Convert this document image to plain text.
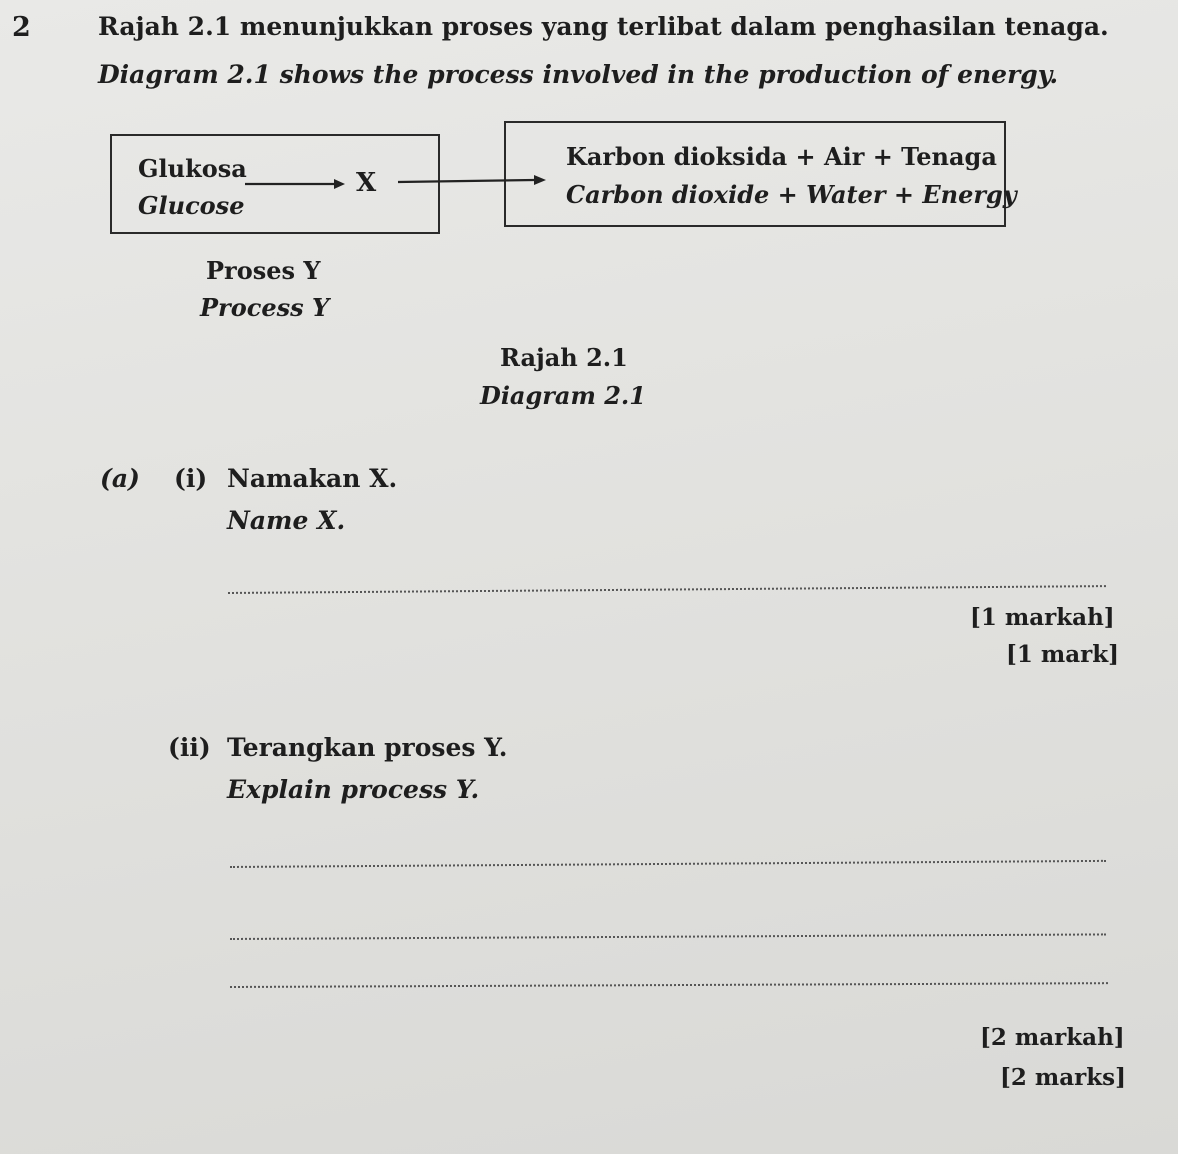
2	Rajah 2.1 menunjukkan proses yang terlibat dalam penghasilan tenaga.
Diagram 2.1 shows the process involved in the production of energy.
Glukosa
Glucose
X
Karbon dioksida + Air + Tenaga
Carbon dioxide + Water + Energy
Proses Y
Process Y
Rajah 2.1
Diagram 2.1
(a) (i) Namakan X.
Name X.
[1 markah]
[1 mark]
(ii) Terangkan proses Y.
Explain process Y.
[2 markah]
[2 marks]
